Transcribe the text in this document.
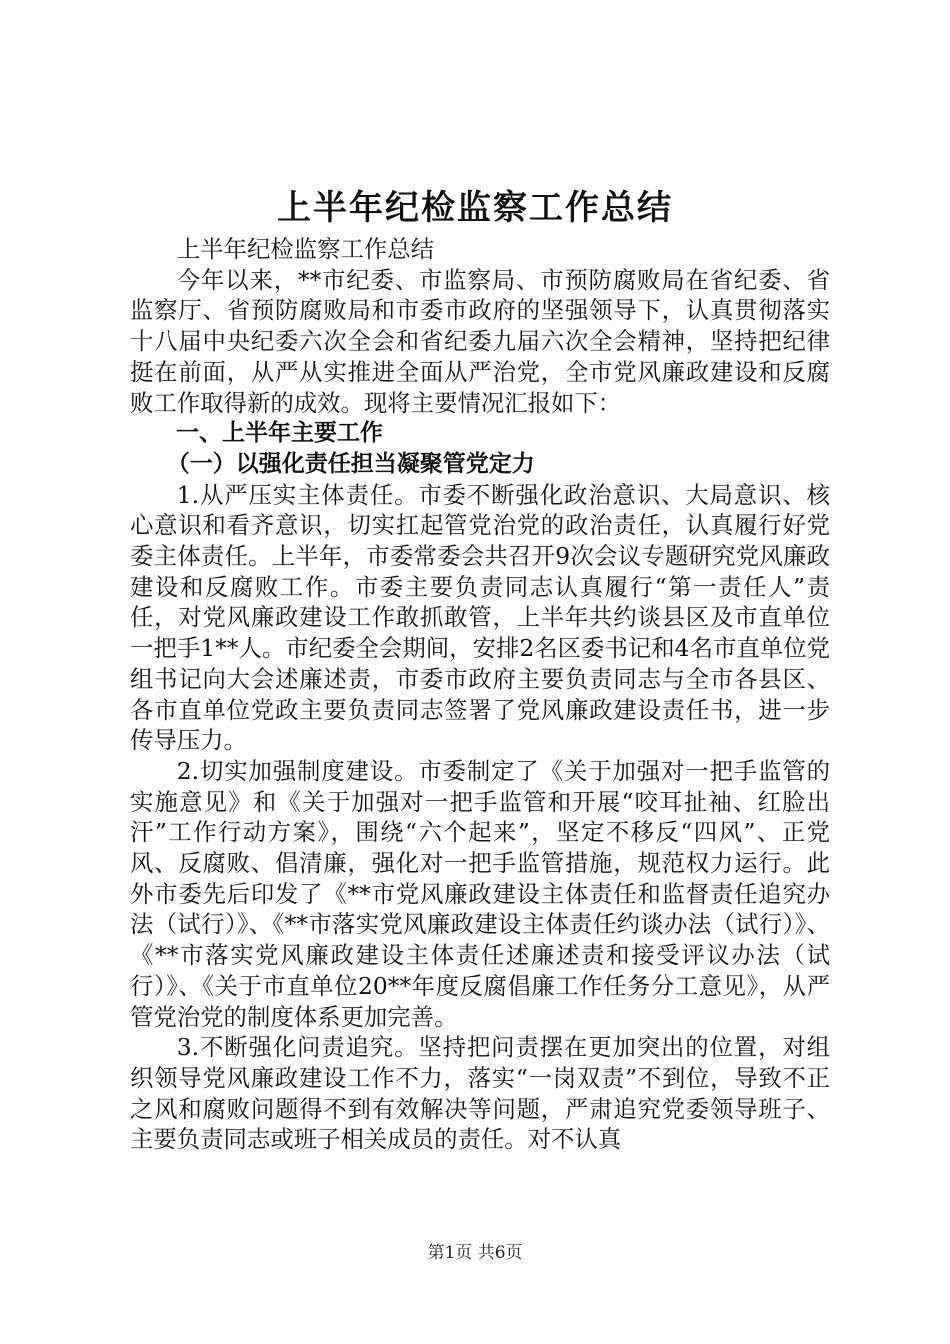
上半年纪检监察工作总结

上半年纪检监察工作总结

今年以来，**市纪委、市监察局、市预防腐败局在省纪委、省监察厅、省预防腐败局和市委市政府的坚强领导下，认真贯彻落实十八届中央纪委六次全会和省纪委九届六次全会精神，坚持把纪律挺在前面，从严从实推进全面从严治党，全市党风廉政建设和反腐败工作取得新的成效。现将主要情况汇报如下：

一、上半年主要工作

（一）以强化责任担当凝聚管党定力

1.从严压实主体责任。市委不断强化政治意识、大局意识、核心意识和看齐意识，切实扛起管党治党的政治责任，认真履行好党委主体责任。上半年，市委常委会共召开9次会议专题研究党风廉政建设和反腐败工作。市委主要负责同志认真履行“第一责任人”责任，对党风廉政建设工作敢抓敢管，上半年共约谈县区及市直单位一把手1**人。市纪委全会期间，安排2名区委书记和4名市直单位党组书记向大会述廉述责，市委市政府主要负责同志与全市各县区、各市直单位党政主要负责同志签署了党风廉政建设责任书，进一步传导压力。

2.切实加强制度建设。市委制定了《关于加强对一把手监管的实施意见》和《关于加强对一把手监管和开展“咬耳扯袖、红脸出汗”工作行动方案》，围绕“六个起来”，坚定不移反“四风”、正党风、反腐败、倡清廉，强化对一把手监管措施，规范权力运行。此外市委先后印发了《**市党风廉政建设主体责任和监督责任追究办法（试行）》、《**市落实党风廉政建设主体责任约谈办法（试行）》、《**市落实党风廉政建设主体责任述廉述责和接受评议办法（试行）》、《关于市直单位20**年度反腐倡廉工作任务分工意见》，从严管党治党的制度体系更加完善。

3.不断强化问责追究。坚持把问责摆在更加突出的位置，对组织领导党风廉政建设工作不力，落实“一岗双责”不到位，导致不正之风和腐败问题得不到有效解决等问题，严肃追究党委领导班子、主要负责同志或班子相关成员的责任。对不认真

第1页 共6页
